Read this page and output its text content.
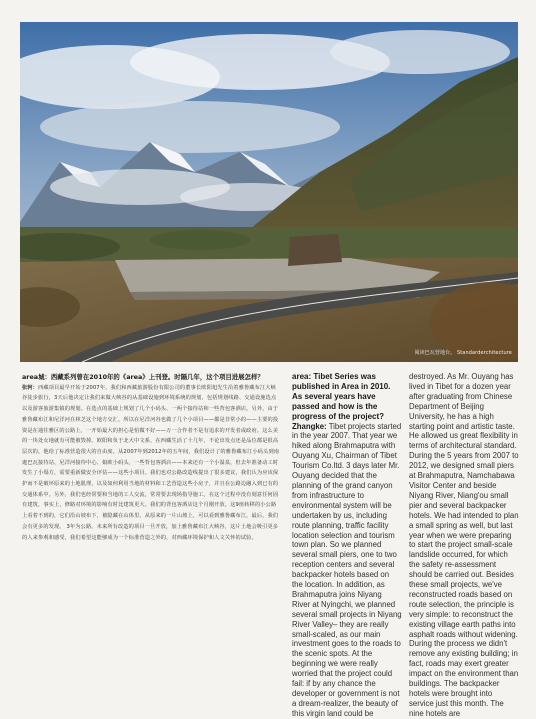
阅读巴瓦营地台。 Standarderchitecture
area城：西藏系列曾在2010年的《area》上刊登。时隔几年，这个项目进展怎样？
张轲：西藏项目最早开始于2007年。我们和西藏旅游股份有限公司的董事长欧阳旭先生沿着雅鲁藏布江大峡谷徒步旅行，3天后他决定让我们来做大峡谷的从基础设施到环境系统的规划，包括规划线路、交通设施选点以及游客旅游集镇的规划。在选点的基础上规划了几个小码头、一两个接待站和一些背包客酒店。另外，由于雅鲁藏布江和尼洋河在林芝这个地方交汇，所以在尼洋河谷也做了几个小项目——都是非常小的——主要的投资是在通往雅区的公路上，一开始最大的担心是怕做不好——万一合作者不是有追求的开发者或政府。这么美的一块处女地就有可能被毁掉。欧阳和负于北大中文系，在西藏生活了十几年，不论出发点还是品位都是很高层次的。他给了标准营造很大的自由度。从2007年到2012年的五年间，我们设计了的雅鲁藏布江小码头到南迦巴瓦接待站、尼洋河接待中心、娘欧小码头，一些背包客酒店——本来还有一个小温泉，但去年准备动工时发生了小塌方，需要重新做安全评估——这些小项目。我们也对公路改造线提出了很多建议，我们认为应该保护而不是破坏原来的土地肌理，以及如何利用当地的材料和工艺营造这些小房子，并且在公路边融入到已有的交通体系中。另外，我们也经常要和当地的工人交流，常常要去现场指导施工。在这个过程中没有刻意任何固有建筑，事实上，修路对环境的影响有时比建筑更大。我们的背包客酒店这个月刚开放。这9座转移的小公路上看着不到的，它们沿山坡布下，被隐藏在山体里。从原来的一片山坡上，可以看到雅鲁藏布江，最后，我们会有更多的发现。 3年为公路。未来所有改造的项目一旦开放，加上雅鲁藏布江大峡谷，这片土地会吸引更多的人来参观和感受，我们希望这能够成为一个标准营造之外的，对西藏环境保护和人文关怀的试验。
area: Tibet Series was published in Area in 2010. As several years have passed and how is the progress of the project?
Zhangke: Tibet projects started in the year 2007. That year we hiked along Brahmaputra with Ouyang Xu, Chairman of Tibet Tourism Co.ltd. 3 days later Mr. Ouyang decided that the planning of the grand canyon from infrastructure to environmental system will be undertaken by us, including route planning, traffic facility location selection and tourism town plan. So we planned several small piers, one to two reception centers and several backpacker hotels based on the location. In addition, as Brahmaputra joins Niyang River at Nyingchi, we planned several small projects in Niyang River Valley– they are really small-scaled, as our main investment goes to the roads to the scenic spots. At the beginning we were really worried that the project could fail: if by any chance the developer or government is not a dream-realizer, the beauty of this virgin land could be
destroyed. As Mr. Ouyang has lived in Tibet for a dozen year after graduating from Chinese Department of Beijing University, he has a high starting point and artistic taste. He allowed us great flexibility in terms of architectural standard. During the 5 years from 2007 to 2012, we designed small piers at Brahmaputra, Namchabawa Visitor Center and beside Niyang River, Niang'ou small pier and several backpacker hotels. We had intended to plan a small spring as well, but last year when we were preparing to start the project small-scale landslide occurred, for which the safety re-assessment should be carried out. Besides these small projects, we've reconstructed roads based on route selection, the principle is very simple: to reconstruct the existing village earth paths into asphalt roads without widening. During the process we didn't remove any existing building; in fact, roads may exert greater impact on the environment than buildings. The backpacker hotels were brought into service just this month. The nine hotels are
